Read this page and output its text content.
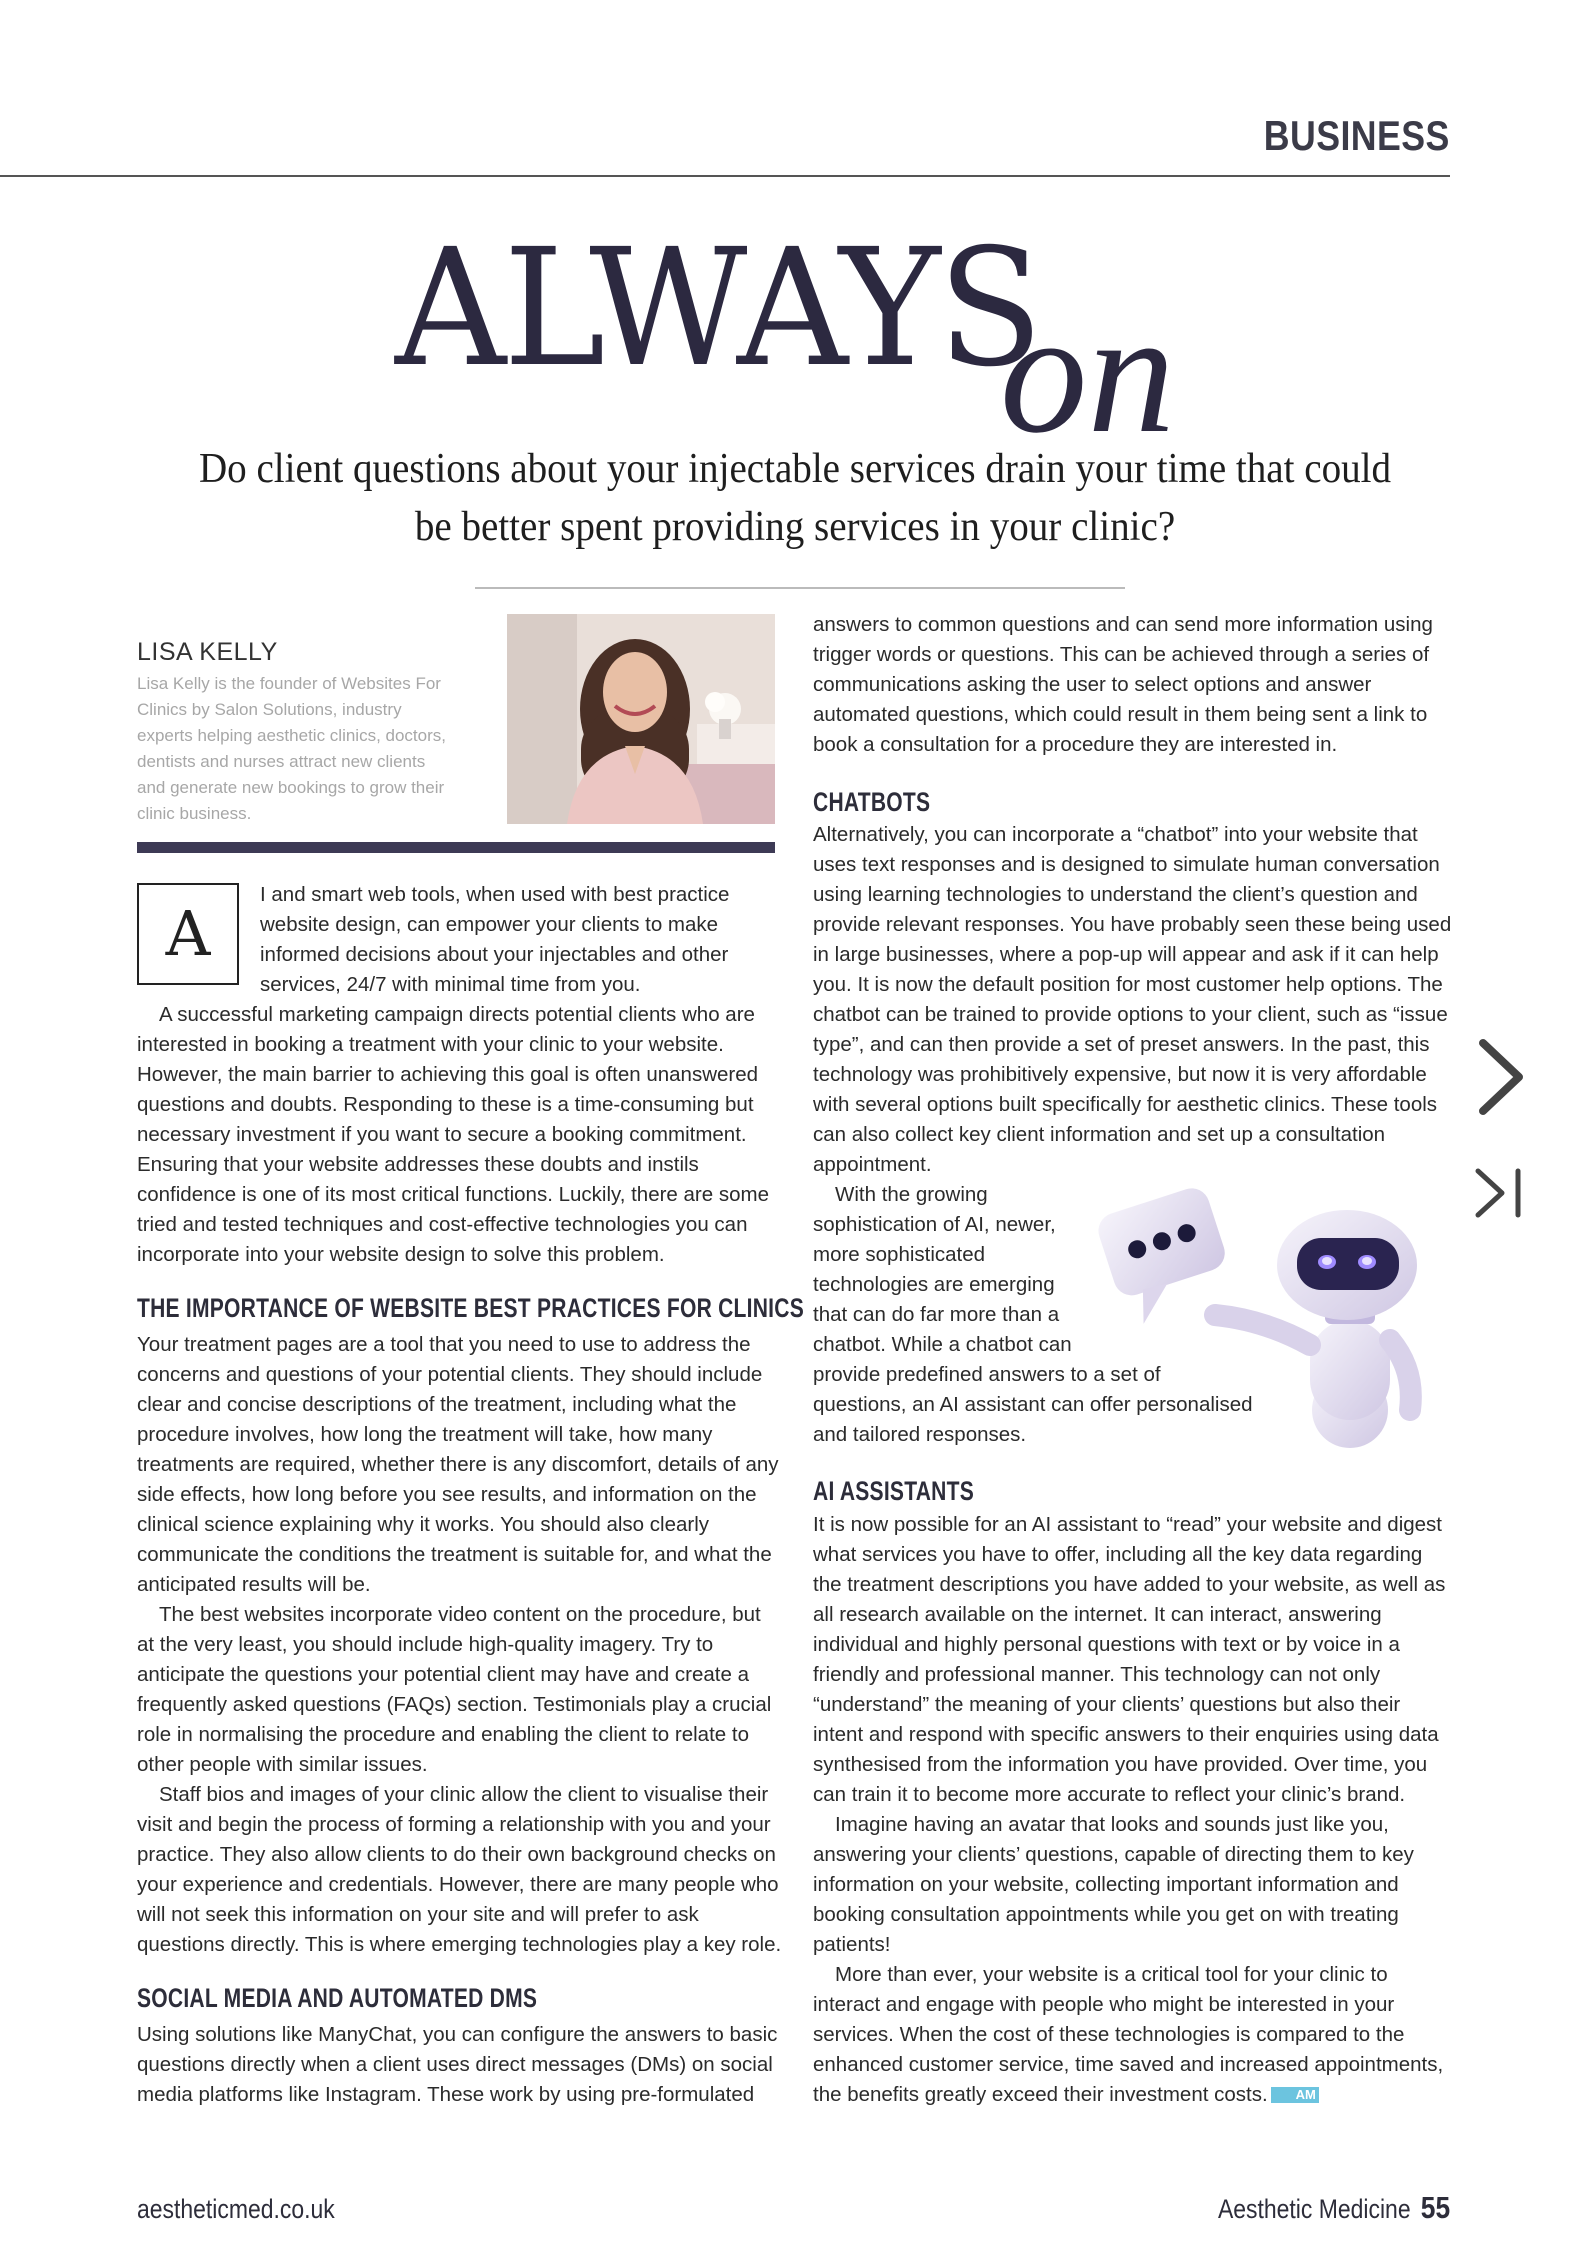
BUSINESS
ALWAYS
on
Do client questions about your injectable services drain your time that could be better spent providing services in your clinic?
LISA KELLY
Lisa Kelly is the founder of Websites For Clinics by Salon Solutions, industry experts helping aesthetic clinics, doctors, dentists and nurses attract new clients and generate new bookings to grow their clinic business.
A
I and smart web tools, when used with best practice website design, can empower your clients to make informed decisions about your injectables and other services, 24/7 with minimal time from you.
A successful marketing campaign directs potential clients who are interested in booking a treatment with your clinic to your website. However, the main barrier to achieving this goal is often unanswered questions and doubts. Responding to these is a time-consuming but necessary investment if you want to secure a booking commitment. Ensuring that your website addresses these doubts and instils confidence is one of its most critical functions. Luckily, there are some tried and tested techniques and cost-effective technologies you can incorporate into your website design to solve this problem.
THE IMPORTANCE OF WEBSITE BEST PRACTICES FOR CLINICS
Your treatment pages are a tool that you need to use to address the concerns and questions of your potential clients. They should include clear and concise descriptions of the treatment, including what the procedure involves, how long the treatment will take, how many treatments are required, whether there is any discomfort, details of any side effects, how long before you see results, and information on the clinical science explaining why it works. You should also clearly communicate the conditions the treatment is suitable for, and what the anticipated results will be.
The best websites incorporate video content on the procedure, but at the very least, you should include high-quality imagery. Try to anticipate the questions your potential client may have and create a frequently asked questions (FAQs) section. Testimonials play a crucial role in normalising the procedure and enabling the client to relate to other people with similar issues.
Staff bios and images of your clinic allow the client to visualise their visit and begin the process of forming a relationship with you and your practice. They also allow clients to do their own background checks on your experience and credentials. However, there are many people who will not seek this information on your site and will prefer to ask questions directly. This is where emerging technologies play a key role.
SOCIAL MEDIA AND AUTOMATED DMS
Using solutions like ManyChat, you can configure the answers to basic questions directly when a client uses direct messages (DMs) on social media platforms like Instagram. These work by using pre-formulated
answers to common questions and can send more information using trigger words or questions. This can be achieved through a series of communications asking the user to select options and answer automated questions, which could result in them being sent a link to book a consultation for a procedure they are interested in.
CHATBOTS
Alternatively, you can incorporate a “chatbot” into your website that uses text responses and is designed to simulate human conversation using learning technologies to understand the client’s question and provide relevant responses. You have probably seen these being used in large businesses, where a pop-up will appear and ask if it can help you. It is now the default position for most customer help options. The chatbot can be trained to provide options to your client, such as “issue type”, and can then provide a set of preset answers. In the past, this technology was prohibitively expensive, but now it is very affordable with several options built specifically for aesthetic clinics. These tools can also collect key client information and set up a consultation appointment.

With the growing

sophistication of AI, newer,

more sophisticated

technologies are emerging

that can do far more than a

chatbot. While a chatbot can

provide predefined answers to a set of

questions, an AI assistant can offer personalised

and tailored responses.

AI ASSISTANTS
It is now possible for an AI assistant to “read” your website and digest what services you have to offer, including all the key data regarding the treatment descriptions you have added to your website, as well as all research available on the internet. It can interact, answering individual and highly personal questions with text or by voice in a friendly and professional manner. This technology can not only “understand” the meaning of your clients’ questions but also their intent and respond with specific answers to their enquiries using data synthesised from the information you have provided. Over time, you can train it to become more accurate to reflect your clinic’s brand.
Imagine having an avatar that looks and sounds just like you, answering your clients’ questions, capable of directing them to key information on your website, collecting important information and booking consultation appointments while you get on with treating patients!
More than ever, your website is a critical tool for your clinic to interact and engage with people who might be interested in your services. When the cost of these technologies is compared to the enhanced customer service, time saved and increased appointments, the benefits greatly exceed their investment costs. AM
aestheticmed.co.uk	Aesthetic Medicine 55
